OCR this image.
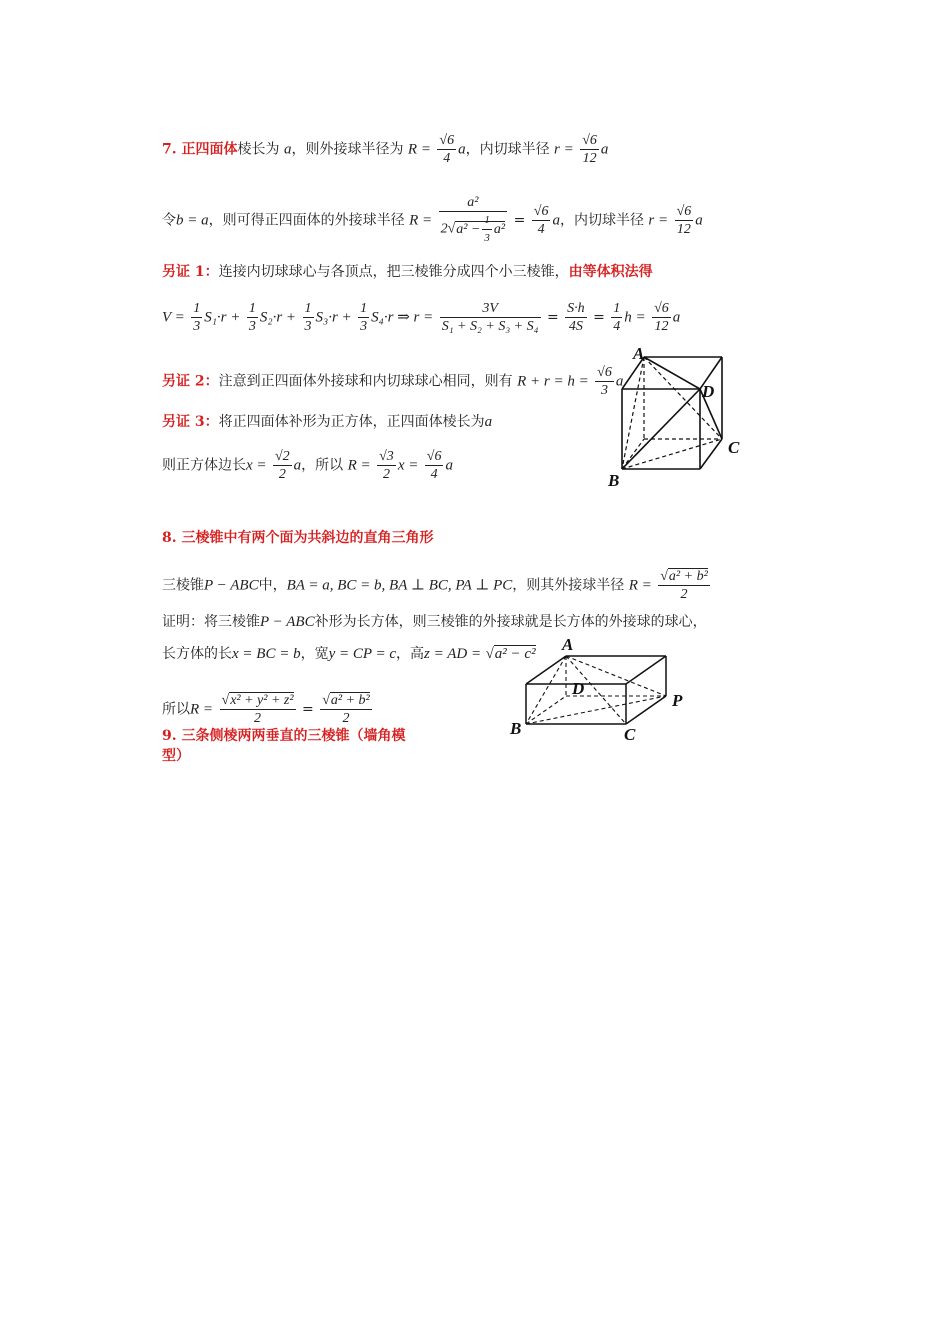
7. 正四面体棱长为 a，则外接球半径为 $R = \frac{√6}{4}$ a，内切球半径 $r = \frac{√6}{12}$ a
令b = a，则可得正四面体的外接球半径 $R = \frac{\text{a²}}{2√a^2 - \frac{1}{3} a^2} = \frac{√6}{4}$ a，内切球半径 $r = \frac{√6}{12}$ a
另证 1：连接内切球球心与各顶点，把三棱锥分成四个小三棱锥，由等体积法得
$V = \frac{1}{3} S_1\cdot r + \frac{1}{3} S_2\cdot r + \frac{1}{3} S_3\cdot r + \frac{1}{3} S_4\cdot r$ ⇒ $r = \frac{3V}{\text{S₁ + S₂ + S₃ + S₄}} = \frac{S\cdot h}{4S} = \frac{1}{4}$ $h = \frac{√6}{12}$ a
另证 2：注意到正四面体外接球和内切球球心相同，则有 $R + r = h = \frac{√6}{3}$ a
另证 3：将正四面体补形为正方体，正四面体棱长为a
则正方体边长$x = \frac{√2}{2}$ a，所以 $R = \frac{√3}{2}$ $x = \frac{√6}{4}$ a
A
D
C
B
8. 三棱锥中有两个面为共斜边的直角三角形
三棱锥P − ABC中，BA = a, BC = b, BA ⊥ BC, PA ⊥ PC，则其外接球半径 $R = \frac{\text{√a² + b²}}{2}$
证明：将三棱锥P − ABC补形为长方体，则三棱锥的外接球就是长方体的外接球的球心，
长方体的长x = BC = b，宽y = CP = c，高z = AD = √a² − c²
所以$R = \frac{\text{√x² + y² + z²}}{2} = \frac{\text{√a² + b²}}{2}$
A
D
P
B	C
9. 三条侧棱两两垂直的三棱锥（墙角模型）
